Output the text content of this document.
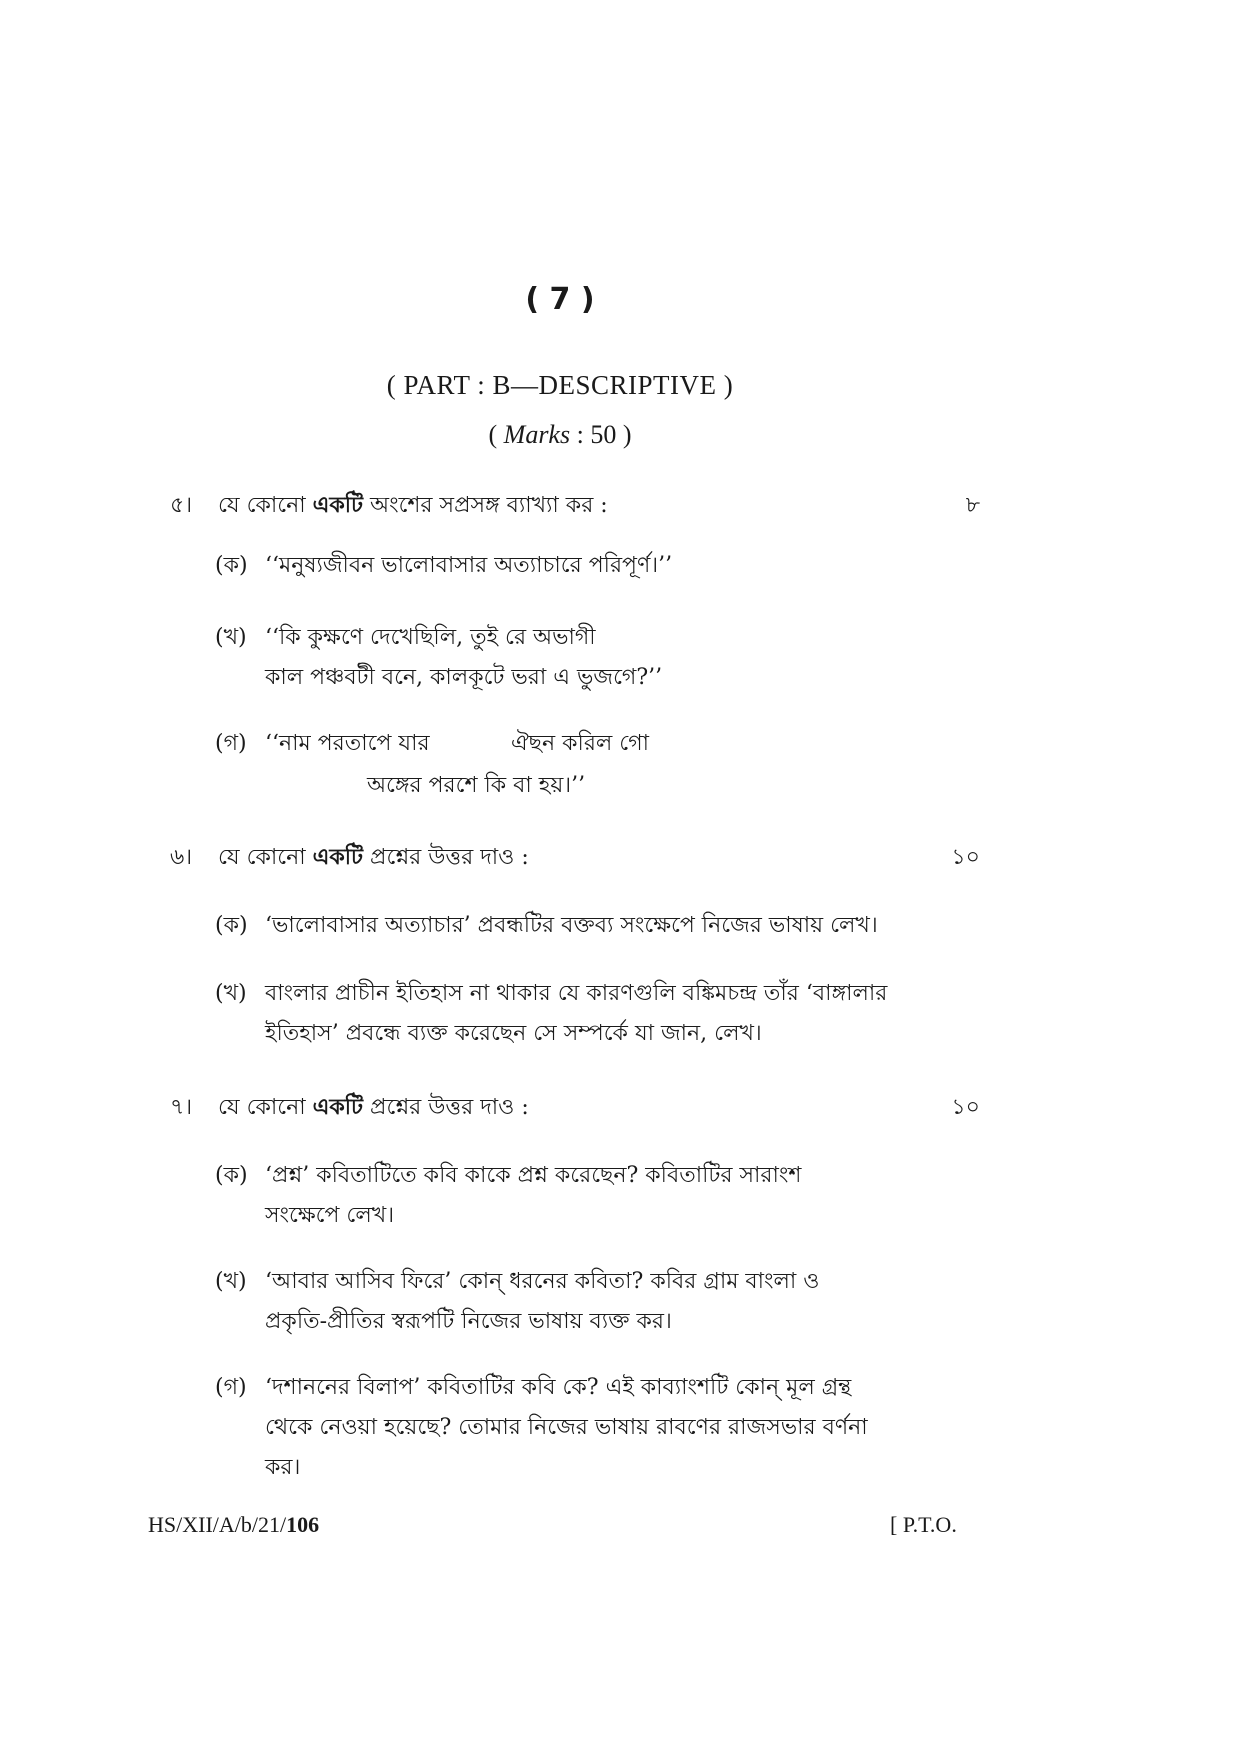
( 7 )
( PART : B—DESCRIPTIVE )
( Marks : 50 )
৫। যে কোনো একটি অংশের সপ্রসঙ্গ ব্যাখ্যা কর :	৮
(ক) ‘‘মনুষ্যজীবন ভালোবাসার অত্যাচারে পরিপূর্ণ।’’
(খ) ‘‘কি কুক্ষণে দেখেছিলি, তুই রে অভাগী
কাল পঞ্চবটী বনে, কালকূটে ভরা এ ভুজগে?’’
(গ) ‘‘নাম পরতাপে যার	ঐছন করিল গো
অঙ্গের পরশে কি বা হয়।’’
৬। যে কোনো একটি প্রশ্নের উত্তর দাও :	১০
(ক) ‘ভালোবাসার অত্যাচার’ প্রবন্ধটির বক্তব্য সংক্ষেপে নিজের ভাষায় লেখ।
(খ) বাংলার প্রাচীন ইতিহাস না থাকার যে কারণগুলি বঙ্কিমচন্দ্র তাঁর ‘বাঙ্গালার
ইতিহাস’ প্রবন্ধে ব্যক্ত করেছেন সে সম্পর্কে যা জান, লেখ।
৭। যে কোনো একটি প্রশ্নের উত্তর দাও :	১০
(ক) ‘প্রশ্ন’ কবিতাটিতে কবি কাকে প্রশ্ন করেছেন? কবিতাটির সারাংশ
সংক্ষেপে লেখ।
(খ) ‘আবার আসিব ফিরে’ কোন্ ধরনের কবিতা? কবির গ্রাম বাংলা ও
প্রকৃতি-প্রীতির স্বরূপটি নিজের ভাষায় ব্যক্ত কর।
(গ) ‘দশাননের বিলাপ’ কবিতাটির কবি কে? এই কাব্যাংশটি কোন্ মূল গ্রন্থ
থেকে নেওয়া হয়েছে? তোমার নিজের ভাষায় রাবণের রাজসভার বর্ণনা
কর।
HS/XII/A/b/21/106	[ P.T.O.
